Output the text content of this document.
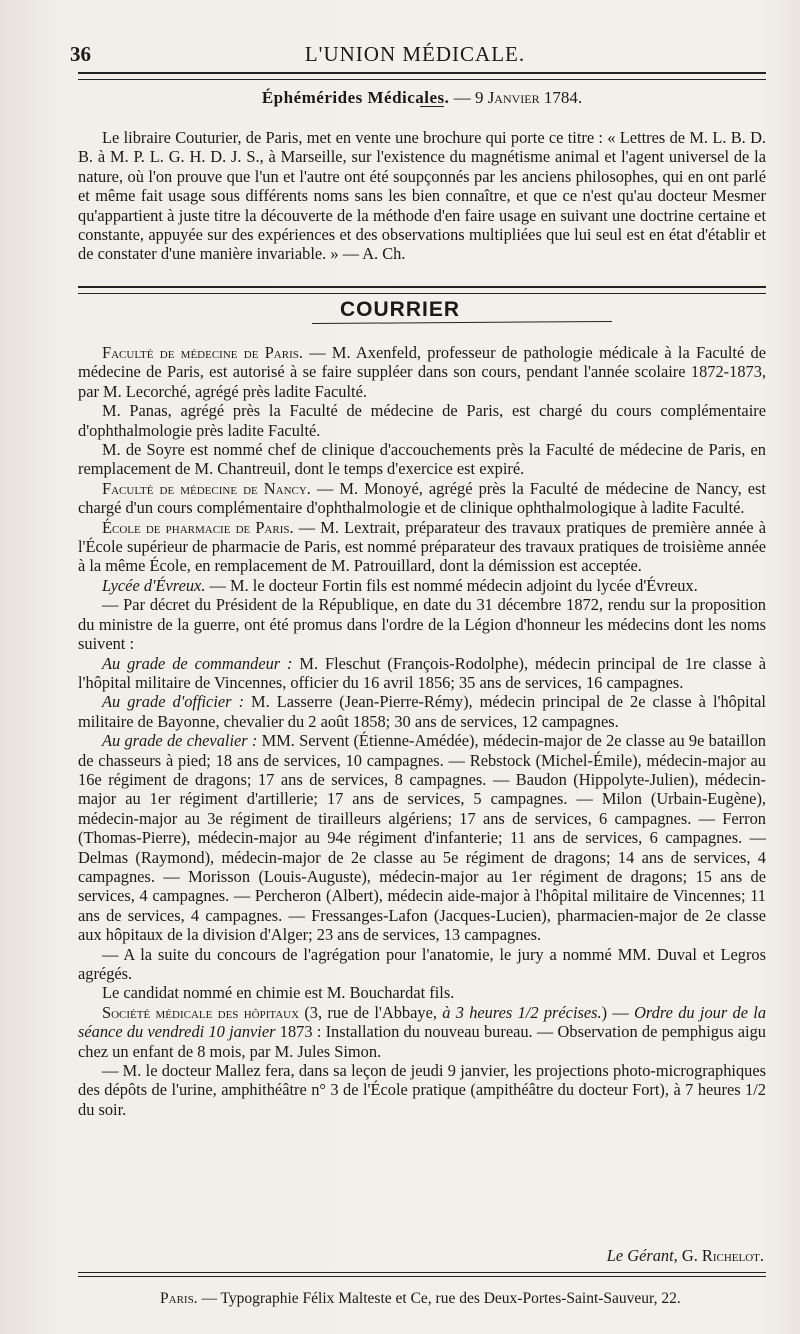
36	L'UNION MÉDICALE.
Éphémérides Médicales. — 9 Janvier 1784.

Le libraire Couturier, de Paris, met en vente une brochure qui porte ce titre : « Lettres de M. L. B. D. B. à M. P. L. G. H. D. J. S., à Marseille, sur l'existence du magnétisme animal et l'agent universel de la nature, où l'on prouve que l'un et l'autre ont été soupçonnés par les anciens philosophes, qui en ont parlé et même fait usage sous différents noms sans les bien connaître, et que ce n'est qu'au docteur Mesmer qu'appartient à juste titre la découverte de la méthode d'en faire usage en suivant une doctrine certaine et constante, appuyée sur des expériences et des observations multipliées que lui seul est en état d'établir et de constater d'une manière invariable. » — A. Ch.

COURRIER

Faculté de médecine de Paris. — M. Axenfeld, professeur de pathologie médicale à la Faculté de médecine de Paris, est autorisé à se faire suppléer dans son cours, pendant l'année scolaire 1872-1873, par M. Lecorché, agrégé près ladite Faculté.

M. Panas, agrégé près la Faculté de médecine de Paris, est chargé du cours complémentaire d'ophthalmologie près ladite Faculté.

M. de Soyre est nommé chef de clinique d'accouchements près la Faculté de médecine de Paris, en remplacement de M. Chantreuil, dont le temps d'exercice est expiré.

Faculté de médecine de Nancy. — M. Monoyé, agrégé près la Faculté de médecine de Nancy, est chargé d'un cours complémentaire d'ophthalmologie et de clinique ophthalmologique à ladite Faculté.

École de pharmacie de Paris. — M. Lextrait, préparateur des travaux pratiques de première année à l'École supérieur de pharmacie de Paris, est nommé préparateur des travaux pratiques de troisième année à la même École, en remplacement de M. Patrouillard, dont la démission est acceptée.

Lycée d'Évreux. — M. le docteur Fortin fils est nommé médecin adjoint du lycée d'Évreux.

— Par décret du Président de la République, en date du 31 décembre 1872, rendu sur la proposition du ministre de la guerre, ont été promus dans l'ordre de la Légion d'honneur les médecins dont les noms suivent :

Au grade de commandeur : M. Fleschut (François-Rodolphe), médecin principal de 1re classe à l'hôpital militaire de Vincennes, officier du 16 avril 1856; 35 ans de services, 16 campagnes.

Au grade d'officier : M. Lasserre (Jean-Pierre-Rémy), médecin principal de 2e classe à l'hôpital militaire de Bayonne, chevalier du 2 août 1858; 30 ans de services, 12 campagnes.

Au grade de chevalier : MM. Servent (Étienne-Amédée), médecin-major de 2e classe au 9e bataillon de chasseurs à pied; 18 ans de services, 10 campagnes. — Rebstock (Michel-Émile), médecin-major au 16e régiment de dragons; 17 ans de services, 8 campagnes. — Baudon (Hippolyte-Julien), médecin-major au 1er régiment d'artillerie; 17 ans de services, 5 campagnes. — Milon (Urbain-Eugène), médecin-major au 3e régiment de tirailleurs algériens; 17 ans de services, 6 campagnes. — Ferron (Thomas-Pierre), médecin-major au 94e régiment d'infanterie; 11 ans de services, 6 campagnes. — Delmas (Raymond), médecin-major de 2e classe au 5e régiment de dragons; 14 ans de services, 4 campagnes. — Morisson (Louis-Auguste), médecin-major au 1er régiment de dragons; 15 ans de services, 4 campagnes. — Percheron (Albert), médecin aide-major à l'hôpital militaire de Vincennes; 11 ans de services, 4 campagnes. — Fressanges-Lafon (Jacques-Lucien), pharmacien-major de 2e classe aux hôpitaux de la division d'Alger; 23 ans de services, 13 campagnes.

— A la suite du concours de l'agrégation pour l'anatomie, le jury a nommé MM. Duval et Legros agrégés.

Le candidat nommé en chimie est M. Bouchardat fils.

Société médicale des hôpitaux (3, rue de l'Abbaye, à 3 heures 1/2 précises.) — Ordre du jour de la séance du vendredi 10 janvier 1873 : Installation du nouveau bureau. — Observation de pemphigus aigu chez un enfant de 8 mois, par M. Jules Simon.

— M. le docteur Mallez fera, dans sa leçon de jeudi 9 janvier, les projections photo-micrographiques des dépôts de l'urine, amphithéâtre n° 3 de l'École pratique (ampithéâtre du docteur Fort), à 7 heures 1/2 du soir.

Le Gérant, G. Richelot.
Paris. — Typographie Félix Malteste et Ce, rue des Deux-Portes-Saint-Sauveur, 22.
